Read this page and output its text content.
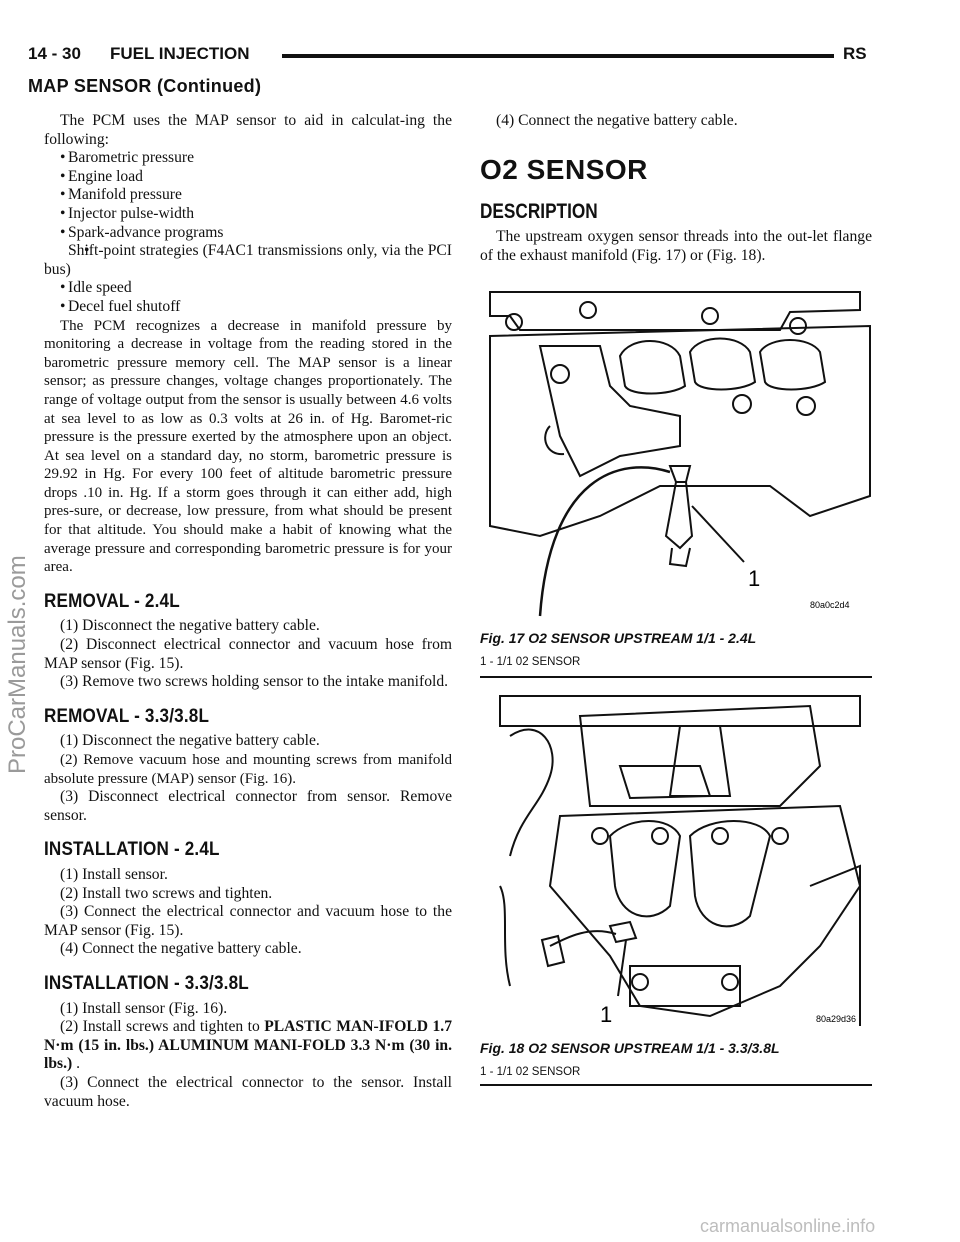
14 - 30 FUEL INJECTION	RS
MAP SENSOR (Continued)
ProCarManuals.com

The PCM uses the MAP sensor to aid in calculat-ing the following:

• Barometric pressure
• Engine load
• Manifold pressure
• Injector pulse-width
• Spark-advance programs
• Shift-point strategies (F4AC1 transmissions only, via the PCI bus)
• Idle speed
• Decel fuel shutoff

The PCM recognizes a decrease in manifold pressure by monitoring a decrease in voltage from the reading stored in the barometric pressure memory cell. The MAP sensor is a linear sensor; as pressure changes, voltage changes proportionately. The range of voltage output from the sensor is usually between 4.6 volts at sea level to as low as 0.3 volts at 26 in. of Hg. Baromet-ric pressure is the pressure exerted by the atmosphere upon an object. At sea level on a standard day, no storm, barometric pressure is 29.92 in Hg. For every 100 feet of altitude barometric pressure drops .10 in. Hg. If a storm goes through it can either add, high pres-sure, or decrease, low pressure, from what should be present for that altitude. You should make a habit of knowing what the average pressure and corresponding barometric pressure is for your area.

REMOVAL - 2.4L

(1) Disconnect the negative battery cable.

(2) Disconnect electrical connector and vacuum hose from MAP sensor (Fig. 15).

(3) Remove two screws holding sensor to the intake manifold.

REMOVAL - 3.3/3.8L

(1) Disconnect the negative battery cable.

(2) Remove vacuum hose and mounting screws from manifold absolute pressure (MAP) sensor (Fig. 16).

(3) Disconnect electrical connector from sensor. Remove sensor.

INSTALLATION - 2.4L

(1) Install sensor.

(2) Install two screws and tighten.

(3) Connect the electrical connector and vacuum hose to the MAP sensor (Fig. 15).

(4) Connect the negative battery cable.

INSTALLATION - 3.3/3.8L

(1) Install sensor (Fig. 16).

(2) Install screws and tighten to PLASTIC MAN-IFOLD 1.7 N·m (15 in. lbs.) ALUMINUM MANI-FOLD 3.3 N·m (30 in. lbs.) .

(3) Connect the electrical connector to the sensor. Install vacuum hose.

(4) Connect the negative battery cable.

O2 SENSOR
DESCRIPTION

The upstream oxygen sensor threads into the out-let flange of the exhaust manifold (Fig. 17) or (Fig. 18).

1
80a0c2d4
Fig. 17 O2 SENSOR UPSTREAM 1/1 - 2.4L
1 - 1/1 02 SENSOR
1	80a29d36
Fig. 18 O2 SENSOR UPSTREAM 1/1 - 3.3/3.8L
1 - 1/1 02 SENSOR
carmanualsonline.info
